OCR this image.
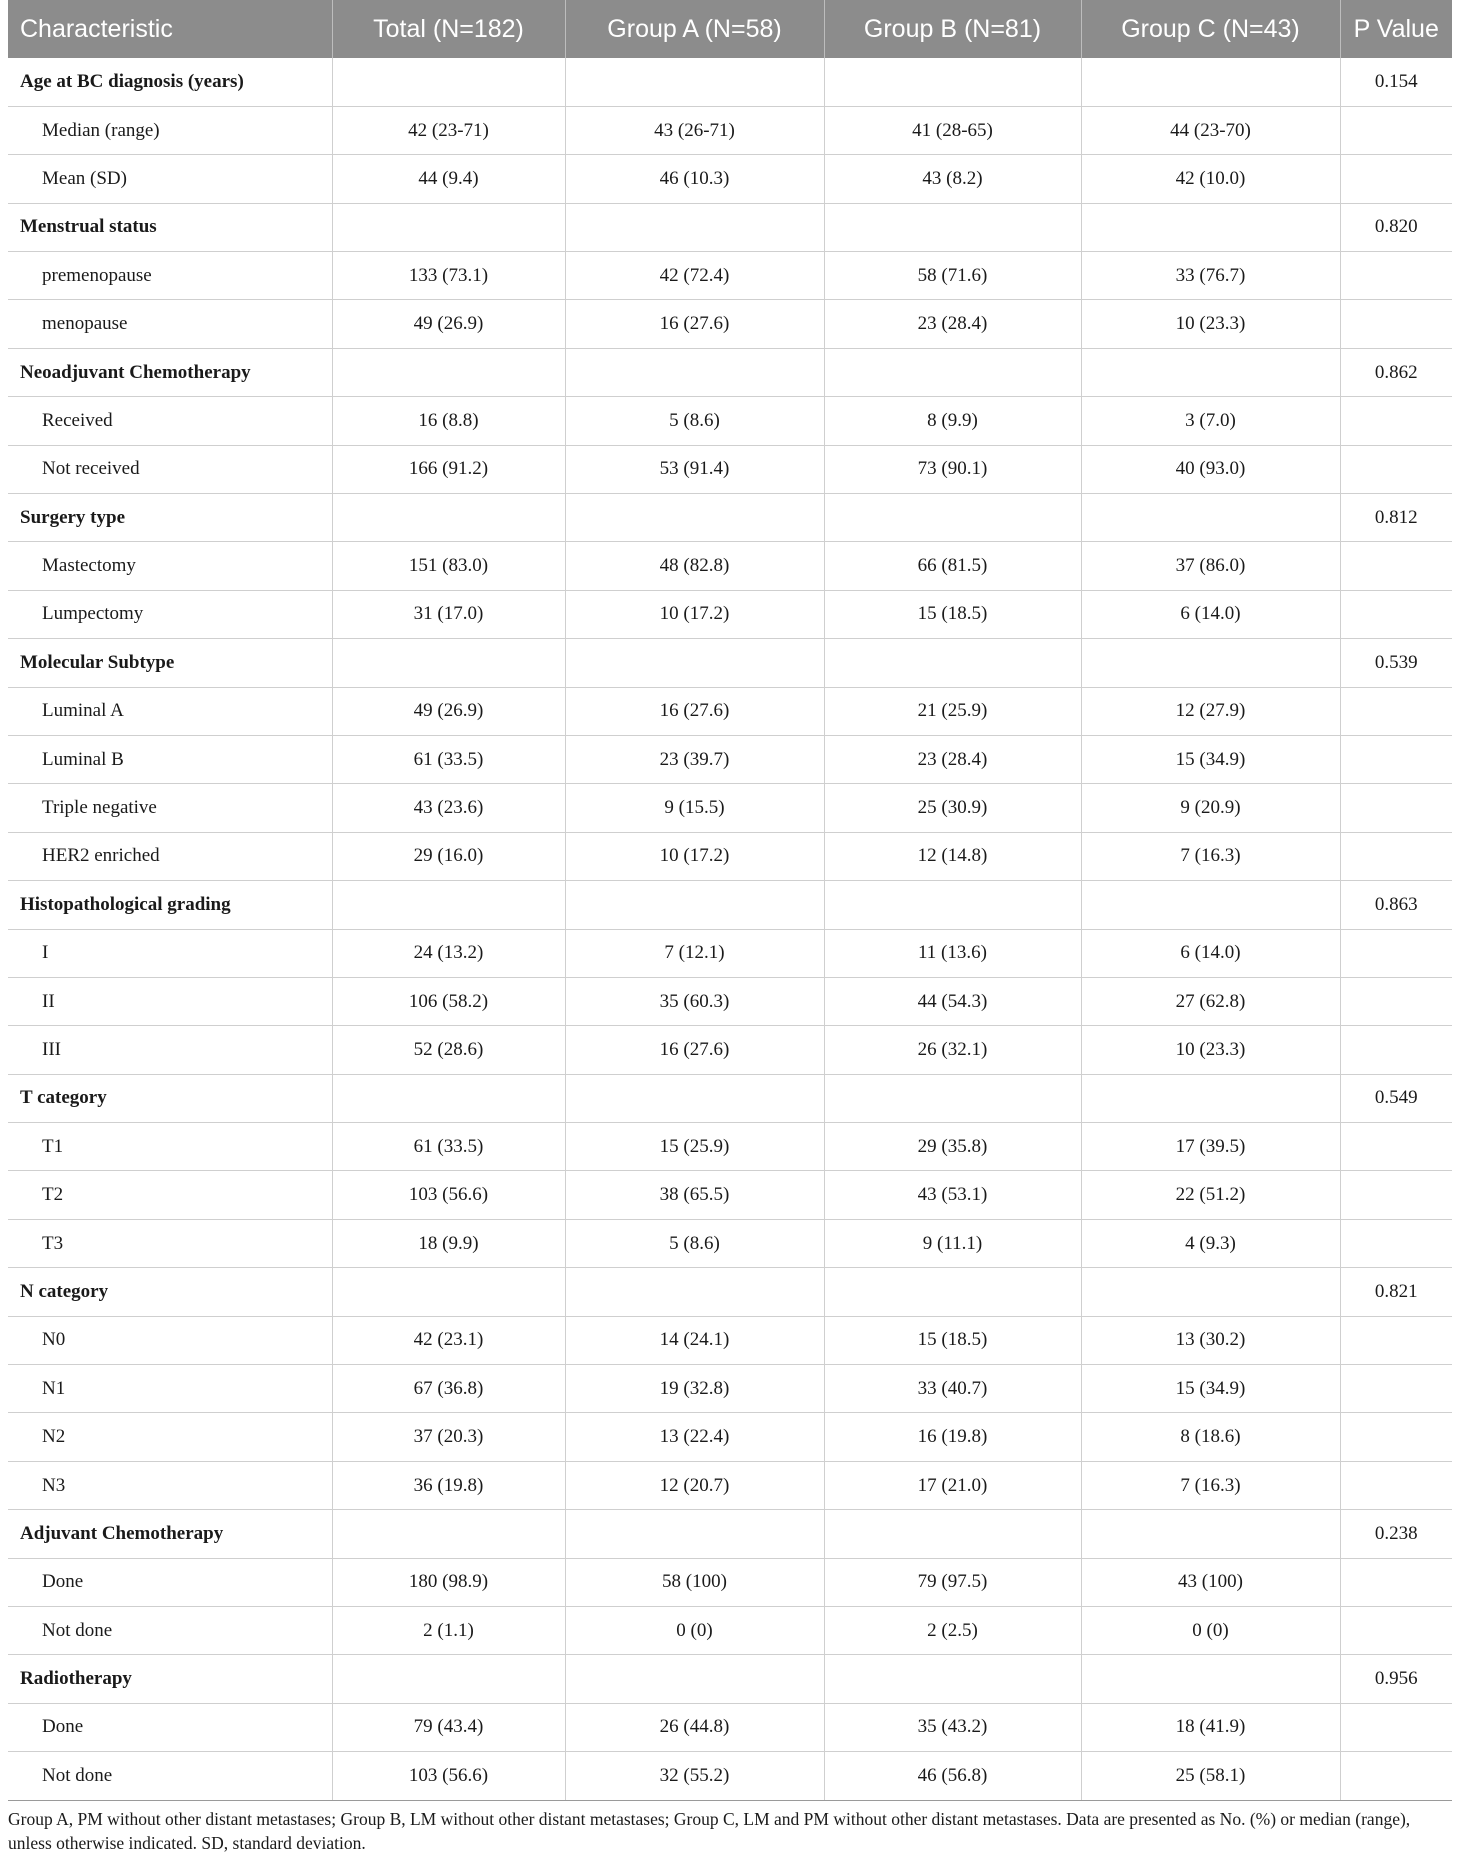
Characteristic	Total (N=182)	Group A (N=58)	Group B (N=81)	Group C (N=43)	P Value
Age at BC diagnosis (years)					0.154
Median (range)	42 (23-71)	43 (26-71)	41 (28-65)	44 (23-70)	
Mean (SD)	44 (9.4)	46 (10.3)	43 (8.2)	42 (10.0)	
Menstrual status					0.820
premenopause	133 (73.1)	42 (72.4)	58 (71.6)	33 (76.7)	
menopause	49 (26.9)	16 (27.6)	23 (28.4)	10 (23.3)	
Neoadjuvant Chemotherapy					0.862
Received	16 (8.8)	5 (8.6)	8 (9.9)	3 (7.0)	
Not received	166 (91.2)	53 (91.4)	73 (90.1)	40 (93.0)	
Surgery type					0.812
Mastectomy	151 (83.0)	48 (82.8)	66 (81.5)	37 (86.0)	
Lumpectomy	31 (17.0)	10 (17.2)	15 (18.5)	6 (14.0)	
Molecular Subtype					0.539
Luminal A	49 (26.9)	16 (27.6)	21 (25.9)	12 (27.9)	
Luminal B	61 (33.5)	23 (39.7)	23 (28.4)	15 (34.9)	
Triple negative	43 (23.6)	9 (15.5)	25 (30.9)	9 (20.9)	
HER2 enriched	29 (16.0)	10 (17.2)	12 (14.8)	7 (16.3)	
Histopathological grading					0.863
I	24 (13.2)	7 (12.1)	11 (13.6)	6 (14.0)	
II	106 (58.2)	35 (60.3)	44 (54.3)	27 (62.8)	
III	52 (28.6)	16 (27.6)	26 (32.1)	10 (23.3)	
T category					0.549
T1	61 (33.5)	15 (25.9)	29 (35.8)	17 (39.5)	
T2	103 (56.6)	38 (65.5)	43 (53.1)	22 (51.2)	
T3	18 (9.9)	5 (8.6)	9 (11.1)	4 (9.3)	
N category					0.821
N0	42 (23.1)	14 (24.1)	15 (18.5)	13 (30.2)	
N1	67 (36.8)	19 (32.8)	33 (40.7)	15 (34.9)	
N2	37 (20.3)	13 (22.4)	16 (19.8)	8 (18.6)	
N3	36 (19.8)	12 (20.7)	17 (21.0)	7 (16.3)	
Adjuvant Chemotherapy					0.238
Done	180 (98.9)	58 (100)	79 (97.5)	43 (100)	
Not done	2 (1.1)	0 (0)	2 (2.5)	0 (0)	
Radiotherapy					0.956
Done	79 (43.4)	26 (44.8)	35 (43.2)	18 (41.9)	
Not done	103 (56.6)	32 (55.2)	46 (56.8)	25 (58.1)	
Group A, PM without other distant metastases; Group B, LM without other distant metastases; Group C, LM and PM without other distant metastases. Data are presented as No. (%) or median (range), unless otherwise indicated. SD, standard deviation.
